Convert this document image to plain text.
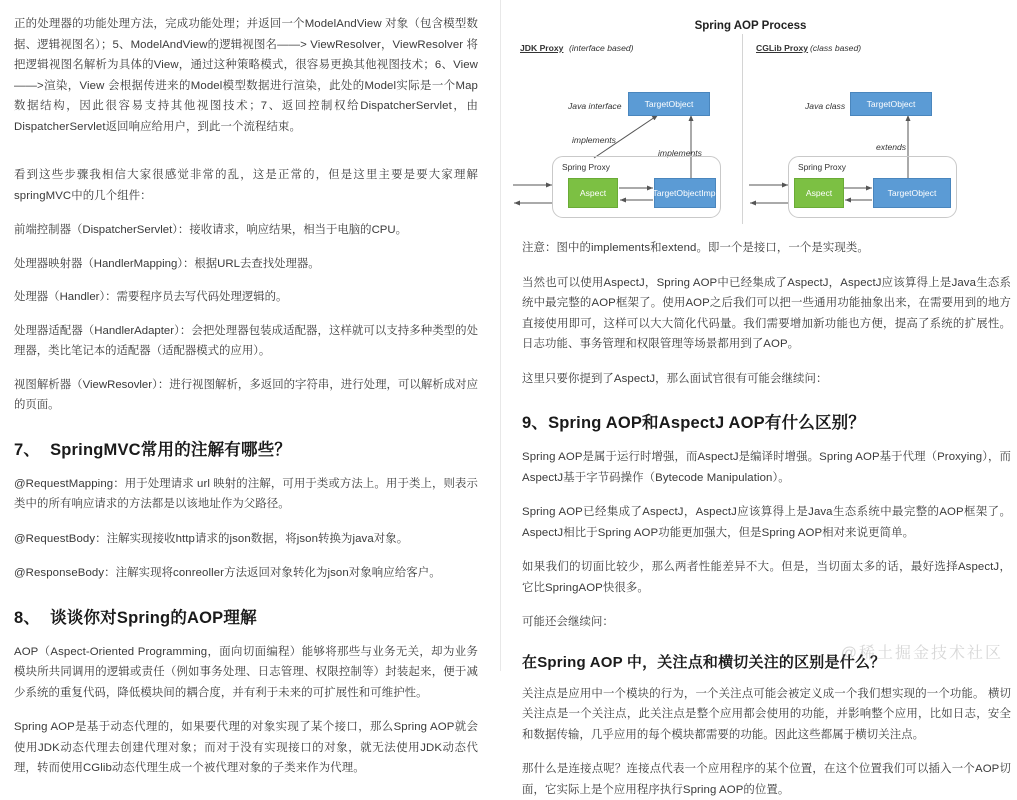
正的处理器的功能处理方法，完成功能处理；并返回一个ModelAndView 对象（包含模型数据、逻辑视图名）；5、ModelAndView的逻辑视图名——> ViewResolver，ViewResolver 将把逻辑视图名解析为具体的View，通过这种策略模式，很容易更换其他视图技术；6、View——>渲染，View 会根据传进来的Model模型数据进行渲染，此处的Model实际是一个Map数据结构，因此很容易支持其他视图技术；7、返回控制权给DispatcherServlet，由DispatcherServlet返回响应给用户，到此一个流程结束。

看到这些步骤我相信大家很感觉非常的乱，这是正常的，但是这里主要是要大家理解springMVC中的几个组件：

前端控制器（DispatcherServlet）：接收请求，响应结果，相当于电脑的CPU。

处理器映射器（HandlerMapping）：根据URL去查找处理器。

处理器（Handler）：需要程序员去写代码处理逻辑的。

处理器适配器（HandlerAdapter）：会把处理器包装成适配器，这样就可以支持多种类型的处理器，类比笔记本的适配器（适配器模式的应用）。

视图解析器（ViewResovler）：进行视图解析，多返回的字符串，进行处理，可以解析成对应的页面。

7、 SpringMVC常用的注解有哪些？

@RequestMapping：用于处理请求 url 映射的注解，可用于类或方法上。用于类上，则表示类中的所有响应请求的方法都是以该地址作为父路径。

@RequestBody：注解实现接收http请求的json数据，将json转换为java对象。

@ResponseBody：注解实现将conreoller方法返回对象转化为json对象响应给客户。

8、 谈谈你对Spring的AOP理解

AOP（Aspect-Oriented Programming，面向切面编程）能够将那些与业务无关，却为业务模块所共同调用的逻辑或责任（例如事务处理、日志管理、权限控制等）封装起来，便于减少系统的重复代码，降低模块间的耦合度，并有利于未来的可扩展性和可维护性。

Spring AOP是基于动态代理的，如果要代理的对象实现了某个接口，那么Spring AOP就会使用JDK动态代理去创建代理对象；而对于没有实现接口的对象，就无法使用JDK动态代理，转而使用CGlib动态代理生成一个被代理对象的子类来作为代理。

Spring AOP Process
JDK Proxy (interface based)	CGLib Proxy (class based)
Java interface	TargetObject
implements
implements
Spring Proxy
Aspect	TargetObjectImpl
Java class	TargetObject
extends
Spring Proxy
Aspect	TargetObject

注意：图中的implements和extend。即一个是接口，一个是实现类。

当然也可以使用AspectJ，Spring AOP中已经集成了AspectJ，AspectJ应该算得上是Java生态系统中最完整的AOP框架了。使用AOP之后我们可以把一些通用功能抽象出来，在需要用到的地方直接使用即可，这样可以大大简化代码量。我们需要增加新功能也方便，提高了系统的扩展性。日志功能、事务管理和权限管理等场景都用到了AOP。

这里只要你提到了AspectJ，那么面试官很有可能会继续问：

9、Spring AOP和AspectJ AOP有什么区别？

Spring AOP是属于运行时增强，而AspectJ是编译时增强。Spring AOP基于代理（Proxying），而AspectJ基于字节码操作（Bytecode Manipulation）。

Spring AOP已经集成了AspectJ，AspectJ应该算得上是Java生态系统中最完整的AOP框架了。AspectJ相比于Spring AOP功能更加强大，但是Spring AOP相对来说更简单。

如果我们的切面比较少，那么两者性能差异不大。但是，当切面太多的话，最好选择AspectJ，它比SpringAOP快很多。

可能还会继续问：

在Spring AOP 中，关注点和横切关注的区别是什么？

关注点是应用中一个模块的行为，一个关注点可能会被定义成一个我们想实现的一个功能。 横切关注点是一个关注点，此关注点是整个应用都会使用的功能，并影响整个应用，比如日志，安全和数据传输，几乎应用的每个模块都需要的功能。因此这些都属于横切关注点。

那什么是连接点呢？连接点代表一个应用程序的某个位置，在这个位置我们可以插入一个AOP切面，它实际上是个应用程序执行Spring AOP的位置。

@稀土掘金技术社区
